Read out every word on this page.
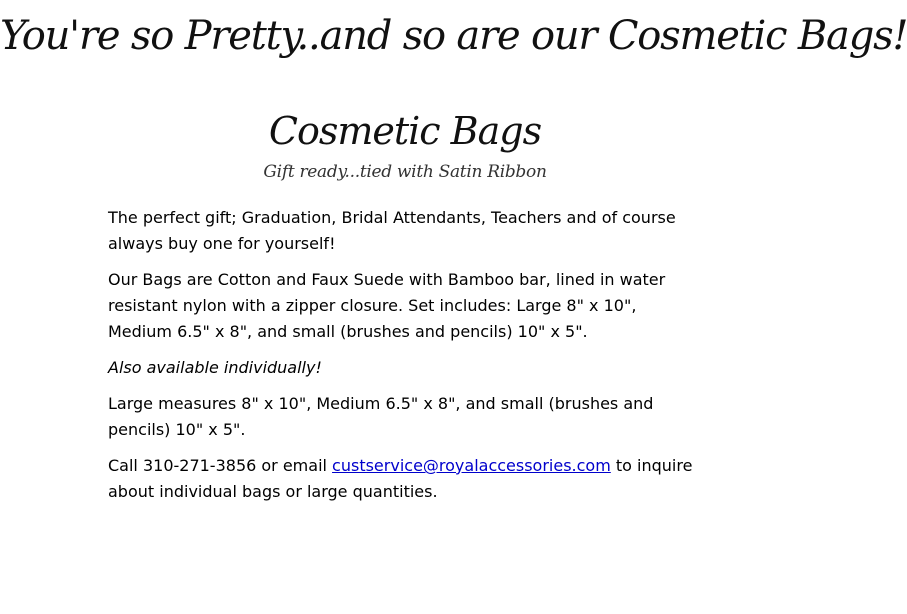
You're so Pretty..and so are our Cosmetic Bags!
Cosmetic Bags
Gift ready...tied with Satin Ribbon

The perfect gift; Graduation, Bridal Attendants, Teachers and of course always buy one for yourself!

Our Bags are Cotton and Faux Suede with Bamboo bar, lined in water resistant nylon with a zipper closure. Set includes: Large 8" x 10", Medium 6.5" x 8", and small (brushes and pencils) 10" x 5".

Also available individually!

Large measures 8" x 10", Medium 6.5" x 8", and small (brushes and pencils) 10" x 5".

Call 310-271-3856 or email custservice@royalaccessories.com to inquire about individual bags or large quantities.
